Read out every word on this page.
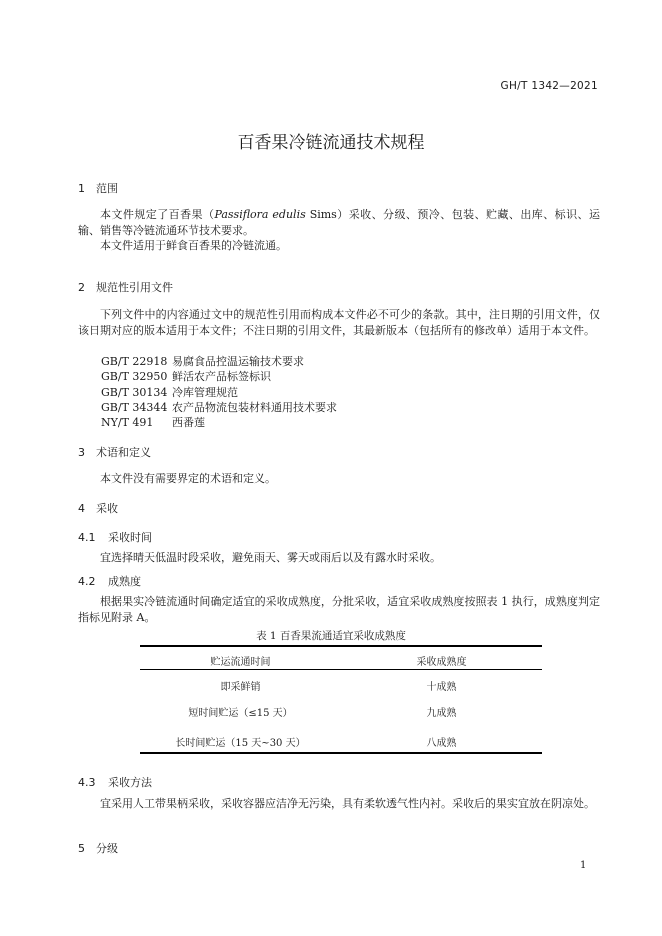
GH/T 1342—2021
百香果冷链流通技术规程
1 范围
本文件规定了百香果（Passiflora edulis Sims）采收、分级、预冷、包装、贮藏、出库、标识、运输、销售等冷链流通环节技术要求。
本文件适用于鲜食百香果的冷链流通。
2 规范性引用文件
下列文件中的内容通过文中的规范性引用而构成本文件必不可少的条款。其中，注日期的引用文件，仅该日期对应的版本适用于本文件；不注日期的引用文件，其最新版本（包括所有的修改单）适用于本文件。
GB/T 22918 易腐食品控温运输技术要求
GB/T 32950 鲜活农产品标签标识
GB/T 30134 冷库管理规范
GB/T 34344 农产品物流包装材料通用技术要求
NY/T 491 西番莲
3 术语和定义
本文件没有需要界定的术语和定义。
4 采收
4.1 采收时间
宜选择晴天低温时段采收，避免雨天、雾天或雨后以及有露水时采收。
4.2 成熟度
根据果实冷链流通时间确定适宜的采收成熟度，分批采收，适宜采收成熟度按照表 1 执行，成熟度判定指标见附录 A。
表 1 百香果流通适宜采收成熟度
贮运流通时间	采收成熟度
即采鲜销	十成熟
短时间贮运（≤15 天）	九成熟
长时间贮运（15 天~30 天）	八成熟
4.3 采收方法
宜采用人工带果柄采收，采收容器应洁净无污染，具有柔软透气性内衬。采收后的果实宜放在阴凉处。
5 分级
1
